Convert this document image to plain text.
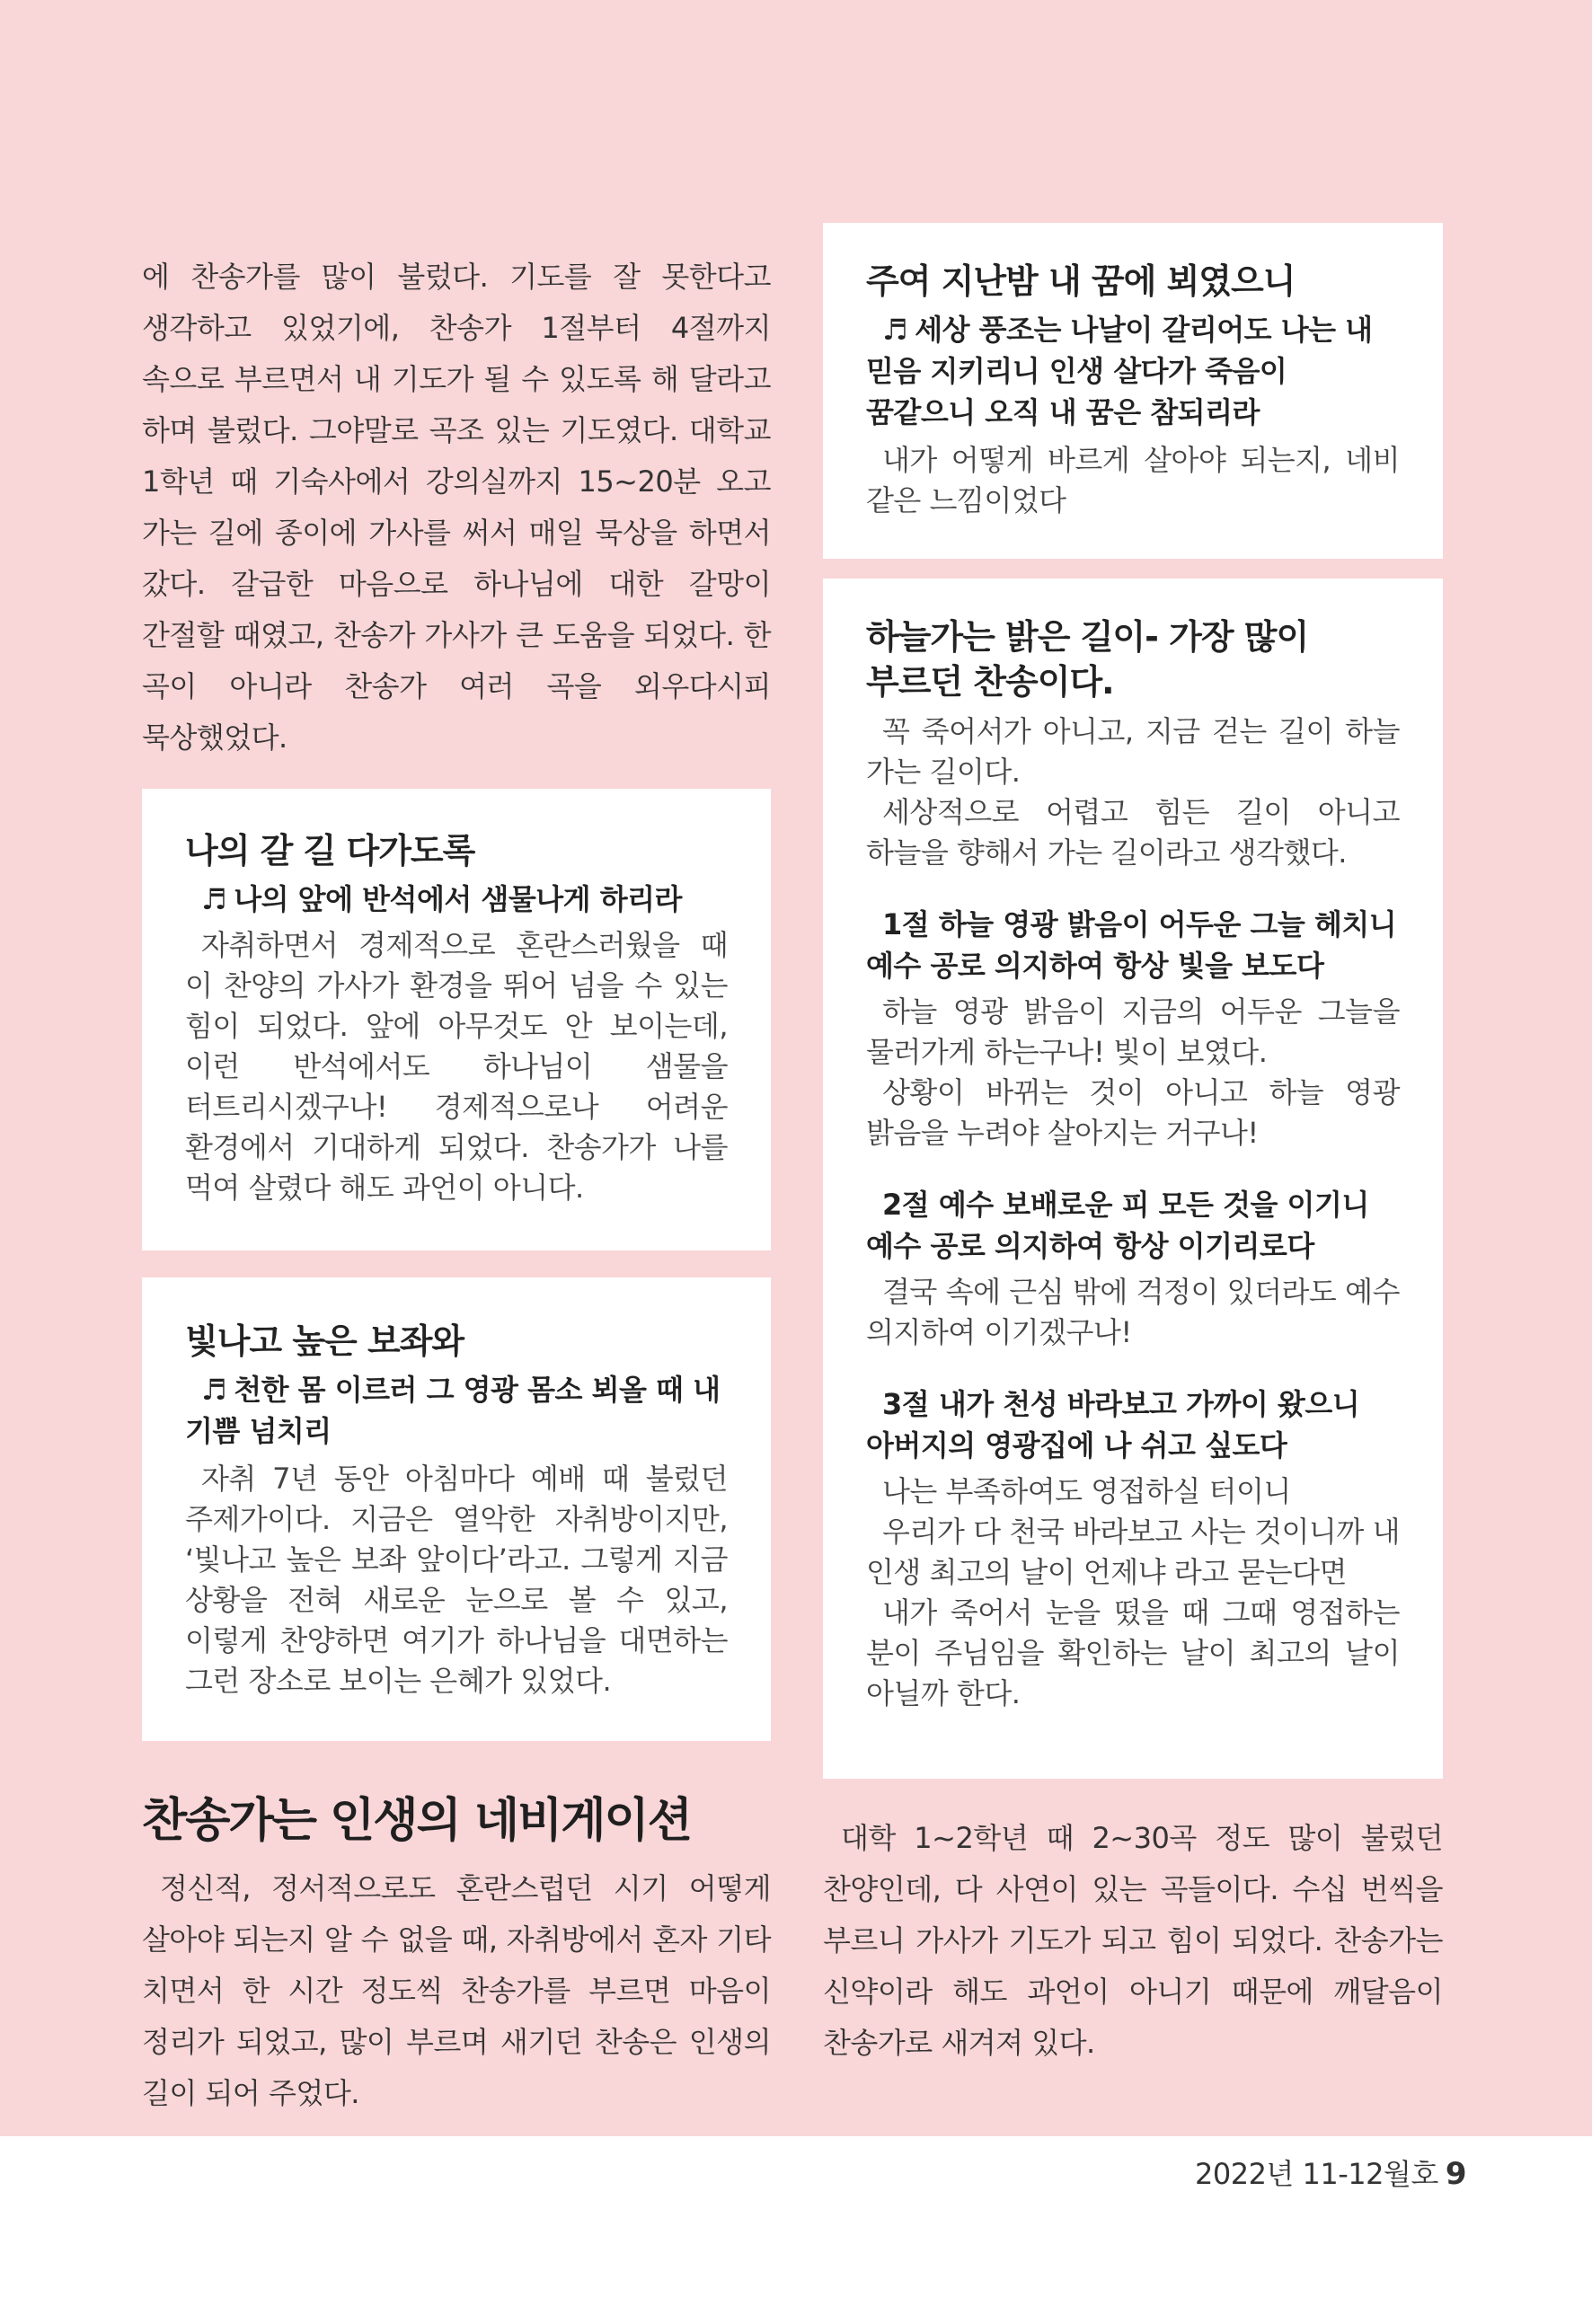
에 찬송가를 많이 불렀다. 기도를 잘 못한다고 생각하고 있었기에, 찬송가 1절부터 4절까지 속으로 부르면서 내 기도가 될 수 있도록 해 달라고 하며 불렀다. 그야말로 곡조 있는 기도였다. 대학교 1학년 때 기숙사에서 강의실까지 15~20분 오고 가는 길에 종이에 가사를 써서 매일 묵상을 하면서 갔다. 갈급한 마음으로 하나님에 대한 갈망이 간절할 때였고, 찬송가 가사가 큰 도움을 되었다. 한 곡이 아니라 찬송가 여러 곡을 외우다시피 묵상했었다.

나의 갈 길 다가도록
♬ 나의 앞에 반석에서 샘물나게 하리라

자취하면서 경제적으로 혼란스러웠을 때 이 찬양의 가사가 환경을 뛰어 넘을 수 있는 힘이 되었다. 앞에 아무것도 안 보이는데, 이런 반석에서도 하나님이 샘물을 터트리시겠구나! 경제적으로나 어려운 환경에서 기대하게 되었다. 찬송가가 나를 먹여 살렸다 해도 과언이 아니다.

빛나고 높은 보좌와
♬ 천한 몸 이르러 그 영광 몸소 뵈올 때 내 기쁨 넘치리

자취 7년 동안 아침마다 예배 때 불렀던 주제가이다. 지금은 열악한 자취방이지만, ‘빛나고 높은 보좌 앞이다’라고. 그렇게 지금 상황을 전혀 새로운 눈으로 볼 수 있고, 이렇게 찬양하면 여기가 하나님을 대면하는 그런 장소로 보이는 은혜가 있었다.

찬송가는 인생의 네비게이션

정신적, 정서적으로도 혼란스럽던 시기 어떻게 살아야 되는지 알 수 없을 때, 자취방에서 혼자 기타 치면서 한 시간 정도씩 찬송가를 부르면 마음이 정리가 되었고, 많이 부르며 새기던 찬송은 인생의 길이 되어 주었다.

주여 지난밤 내 꿈에 뵈였으니
♬ 세상 풍조는 나날이 갈리어도 나는 내 믿음 지키리니 인생 살다가 죽음이 꿈같으니 오직 내 꿈은 참되리라

내가 어떻게 바르게 살아야 되는지, 네비 같은 느낌이었다

하늘가는 밝은 길이- 가장 많이 부르던 찬송이다.

꼭 죽어서가 아니고, 지금 걷는 길이 하늘 가는 길이다.

세상적으로 어렵고 힘든 길이 아니고 하늘을 향해서 가는 길이라고 생각했다.

1절 하늘 영광 밝음이 어두운 그늘 헤치니 예수 공로 의지하여 항상 빛을 보도다

하늘 영광 밝음이 지금의 어두운 그늘을 물러가게 하는구나! 빛이 보였다.

상황이 바뀌는 것이 아니고 하늘 영광 밝음을 누려야 살아지는 거구나!

2절 예수 보배로운 피 모든 것을 이기니 예수 공로 의지하여 항상 이기리로다

결국 속에 근심 밖에 걱정이 있더라도 예수 의지하여 이기겠구나!

3절 내가 천성 바라보고 가까이 왔으니 아버지의 영광집에 나 쉬고 싶도다

나는 부족하여도 영접하실 터이니

우리가 다 천국 바라보고 사는 것이니까 내 인생 최고의 날이 언제냐 라고 묻는다면

내가 죽어서 눈을 떴을 때 그때 영접하는 분이 주님임을 확인하는 날이 최고의 날이 아닐까 한다.

대학 1~2학년 때 2~30곡 정도 많이 불렀던 찬양인데, 다 사연이 있는 곡들이다. 수십 번씩을 부르니 가사가 기도가 되고 힘이 되었다. 찬송가는 신약이라 해도 과언이 아니기 때문에 깨달음이 찬송가로 새겨져 있다.

2022년 11-12월호 9
